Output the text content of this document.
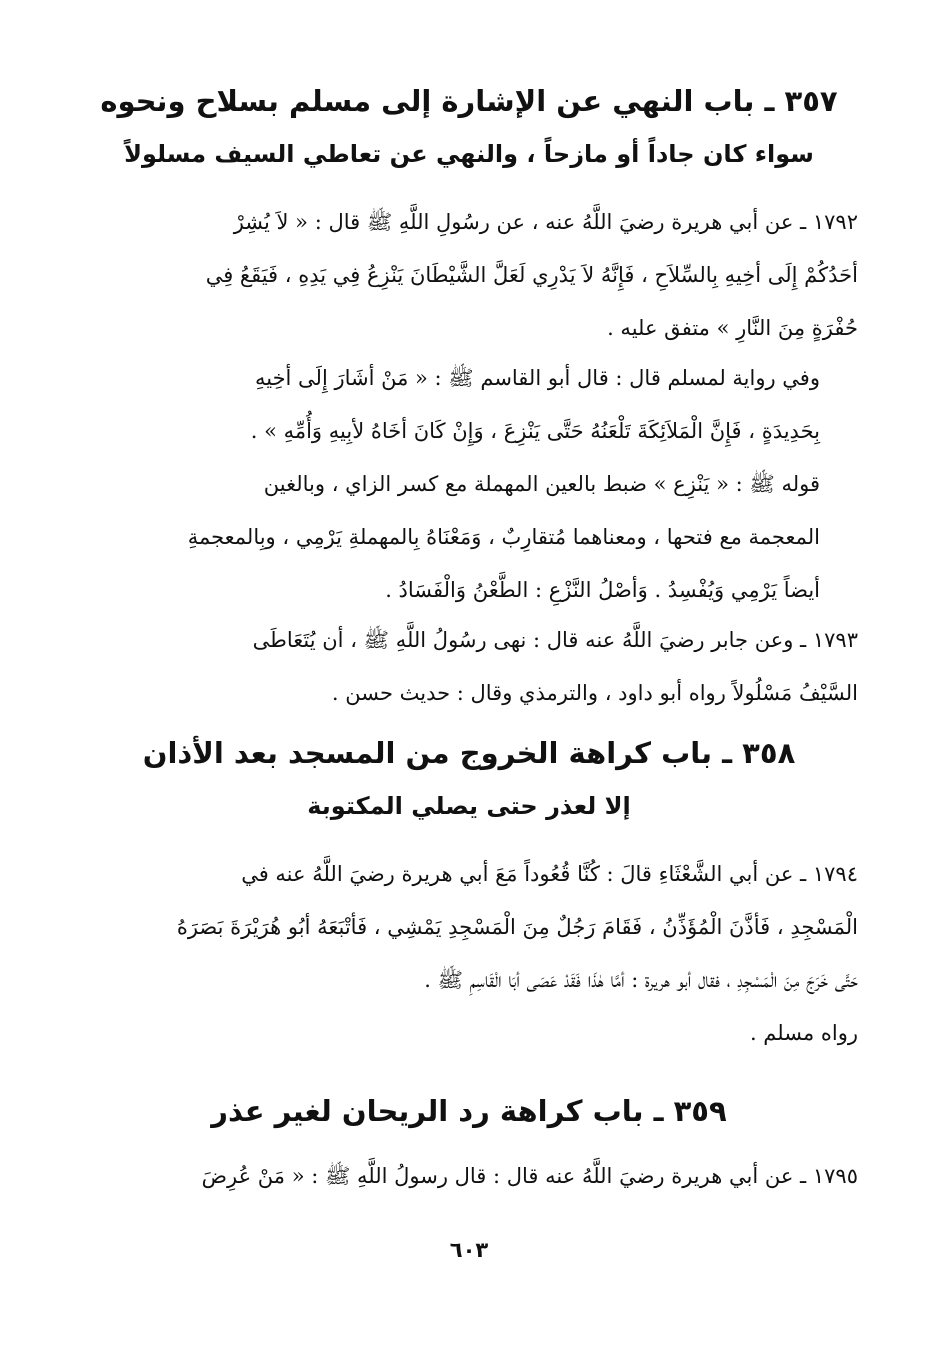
٣٥٧ ـ باب النهي عن الإشارة إلى مسلم بسلاح ونحوه
سواء كان جاداً أو مازحاً ، والنهي عن تعاطي السيف مسلولاً
١٧٩٢ ـ عن أبي هريرة رضيَ اللَّهُ عنه ، عن رسُولِ اللَّهِ ﷺ قال : « لاَ يُشِرْ
أحَدُكُمْ إِلَى أخِيهِ بِالسِّلاَحِ ، فَإِنَّهُ لاَ يَدْرِي لَعَلَّ الشَّيْطَانَ يَنْزِعُ فِي يَدِهِ ، فَيَقَعُ فِي
حُفْرَةٍ مِنَ النَّارِ » متفق عليه .
وفي رواية لمسلم قال : قال أبو القاسم ﷺ : « مَنْ أشَارَ إِلَى أخِيهِ
بِحَدِيدَةٍ ، فَإِنَّ الْمَلاَئِكَةَ تَلْعَنُهُ حَتَّى يَنْزِعَ ، وَإِنْ كَانَ أخَاهُ لأبِيهِ وَأُمِّهِ » .
قوله ﷺ : « يَنْزِع » ضبط بالعين المهملة مع كسر الزاي ، وبالغين
المعجمة مع فتحها ، ومعناهما مُتقارِبٌ ، وَمَعْنَاهُ بِالمهملةِ يَرْمِي ، وبِالمعجمةِ
أيضاً يَرْمِي وَيُفْسِدُ . وَأصْلُ النَّزْعِ : الطَّعْنُ وَالْفَسَادُ .
١٧٩٣ ـ وعن جابر رضيَ اللَّهُ عنه قال : نهى رسُولُ اللَّهِ ﷺ ، أن يُتَعَاطَى
السَّيْفُ مَسْلُولاً رواه أبو داود ، والترمذي وقال : حديث حسن .
٣٥٨ ـ باب كراهة الخروج من المسجد بعد الأذان
إلا لعذر حتى يصلي المكتوبة
١٧٩٤ ـ عن أبي الشَّعْثَاءِ قالَ : كُنَّا قُعُوداً مَعَ أبي هريرة رضيَ اللَّهُ عنه في
الْمَسْجِدِ ، فَأذَّنَ الْمُؤَذِّنُ ، فَقَامَ رَجُلٌ مِنَ الْمَسْجِدِ يَمْشِي ، فَأتْبَعَهُ أبُو هُرَيْرَةَ بَصَرَهُ
حَتَّى خَرَجَ مِنَ الْمَسْجِدِ ، فقال أبو هريرة : أمَّا هٰذَا فَقَدْ عَصَى أبَا الْقَاسِمِ ﷺ .
رواه مسلم .
٣٥٩ ـ باب كراهة رد الريحان لغير عذر
١٧٩٥ ـ عن أبي هريرة رضيَ اللَّهُ عنه قال : قال رسولُ اللَّهِ ﷺ : « مَنْ عُرِضَ
٦٠٣
